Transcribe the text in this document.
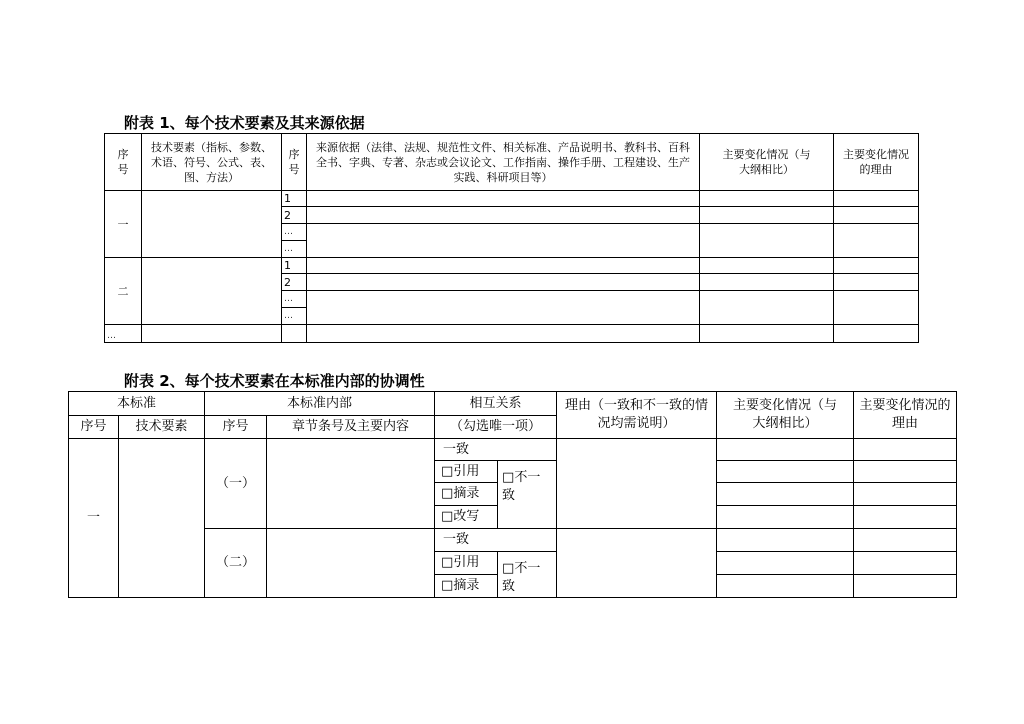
附表 1、每个技术要素及其来源依据
序号	技术要素（指标、参数、术语、符号、公式、表、图、方法）	序号	来源依据（法律、法规、规范性文件、相关标准、产品说明书、教科书、百科全书、字典、专著、杂志或会议论文、工作指南、操作手册、工程建设、生产实践、科研项目等）	主要变化情况（与大纲相比）	主要变化情况的理由
一		1			
		2			
		…			
		…			
二		1			
		2			
		…			
		…			
…					
附表 2、每个技术要素在本标准内部的协调性
本标准		本标准内部		相互关系		理由（一致和不一致的情况均需说明）	主要变化情况（与大纲相比）	主要变化情况的理由
序号	技术要素	序号	章节条号及主要内容	（勾选唯一项）				
一		（一）		一致				
				□引用	□不一致			
				□摘录				
				□改写				
		（二）		一致				
				□引用	□不一致			
				□摘录				
